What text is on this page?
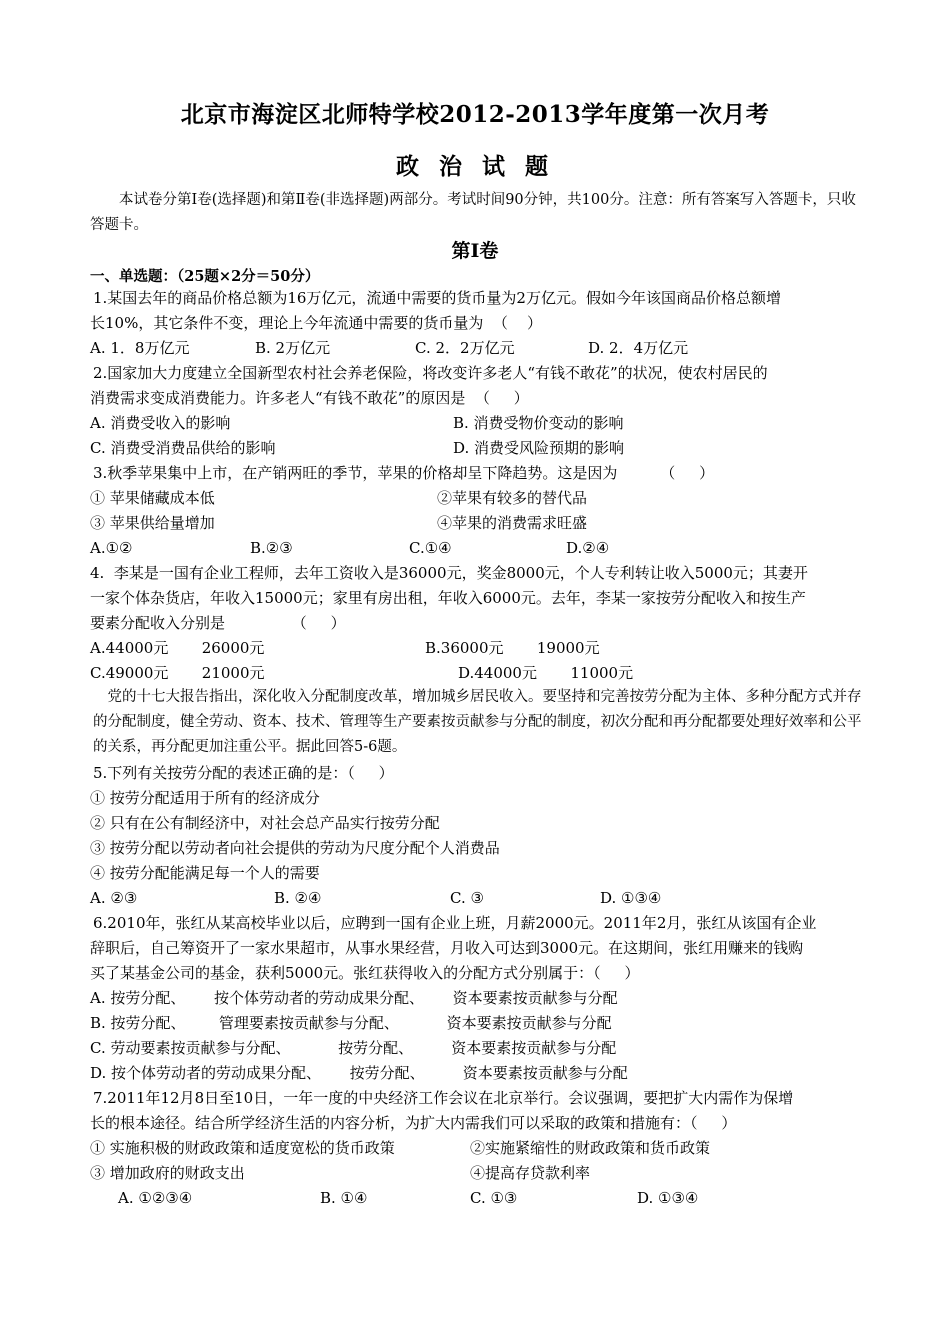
北京市海淀区北师特学校2012-2013学年度第一次月考
政 治 试 题
本试卷分第Ⅰ卷(选择题)和第Ⅱ卷(非选择题)两部分。考试时间90分钟，共100分。注意：所有答案写入答题卡，只收答题卡。
第Ⅰ卷
一、单选题：（25题×2分＝50分）
1.某国去年的商品价格总额为16万亿元，流通中需要的货币量为2万亿元。假如今年该国商品价格总额增
长10%，其它条件不变，理论上今年流通中需要的货币量为  （    ）
A. 1．8万亿元	B. 2万亿元	C. 2．2万亿元	D. 2．4万亿元
2.国家加大力度建立全国新型农村社会养老保险，将改变许多老人“有钱不敢花”的状况，使农村居民的
消费需求变成消费能力。许多老人“有钱不敢花”的原因是  （     ）
A. 消费受收入的影响	B. 消费受物价变动的影响
C. 消费受消费品供给的影响	D. 消费受风险预期的影响
3.秋季苹果集中上市，在产销两旺的季节，苹果的价格却呈下降趋势。这是因为         （     ）
① 苹果储藏成本低	②苹果有较多的替代品
③ 苹果供给量增加	④苹果的消费需求旺盛
A.①②	B.②③	C.①④	D.②④
4.  李某是一国有企业工程师，去年工资收入是36000元，奖金8000元，个人专利转让收入5000元；其妻开
一家个体杂货店，年收入15000元；家里有房出租，年收入6000元。去年，李某一家按劳分配收入和按生产
要素分配收入分别是              （     ）
A.44000元       26000元	B.36000元       19000元
C.49000元       21000元	D.44000元       11000元
党的十七大报告指出，深化收入分配制度改革，增加城乡居民收入。要坚持和完善按劳分配为主体、多种分配方式并存的分配制度，健全劳动、资本、技术、管理等生产要素按贡献参与分配的制度，初次分配和再分配都要处理好效率和公平的关系，再分配更加注重公平。据此回答5-6题。
5.下列有关按劳分配的表述正确的是：（     ）
① 按劳分配适用于所有的经济成分
② 只有在公有制经济中，对社会总产品实行按劳分配
③ 按劳分配以劳动者向社会提供的劳动为尺度分配个人消费品
④ 按劳分配能满足每一个人的需要
A. ②③	B. ②④	C. ③	D. ①③④
6.2010年，张红从某高校毕业以后，应聘到一国有企业上班，月薪2000元。2011年2月，张红从该国有企业
辞职后，自己筹资开了一家水果超市，从事水果经营，月收入可达到3000元。在这期间，张红用赚来的钱购
买了某基金公司的基金，获利5000元。张红获得收入的分配方式分别属于：（     ）
A. 按劳分配、      按个体劳动者的劳动成果分配、      资本要素按贡献参与分配
B. 按劳分配、       管理要素按贡献参与分配、          资本要素按贡献参与分配
C. 劳动要素按贡献参与分配、          按劳分配、        资本要素按贡献参与分配
D. 按个体劳动者的劳动成果分配、      按劳分配、        资本要素按贡献参与分配
7.2011年12月8日至10日，一年一度的中央经济工作会议在北京举行。会议强调，要把扩大内需作为保增
长的根本途径。结合所学经济生活的内容分析，为扩大内需我们可以采取的政策和措施有：（     ）
① 实施积极的财政政策和适度宽松的货币政策	②实施紧缩性的财政政策和货币政策
③ 增加政府的财政支出	④提高存贷款利率
A. ①②③④	B. ①④	C. ①③	D. ①③④
